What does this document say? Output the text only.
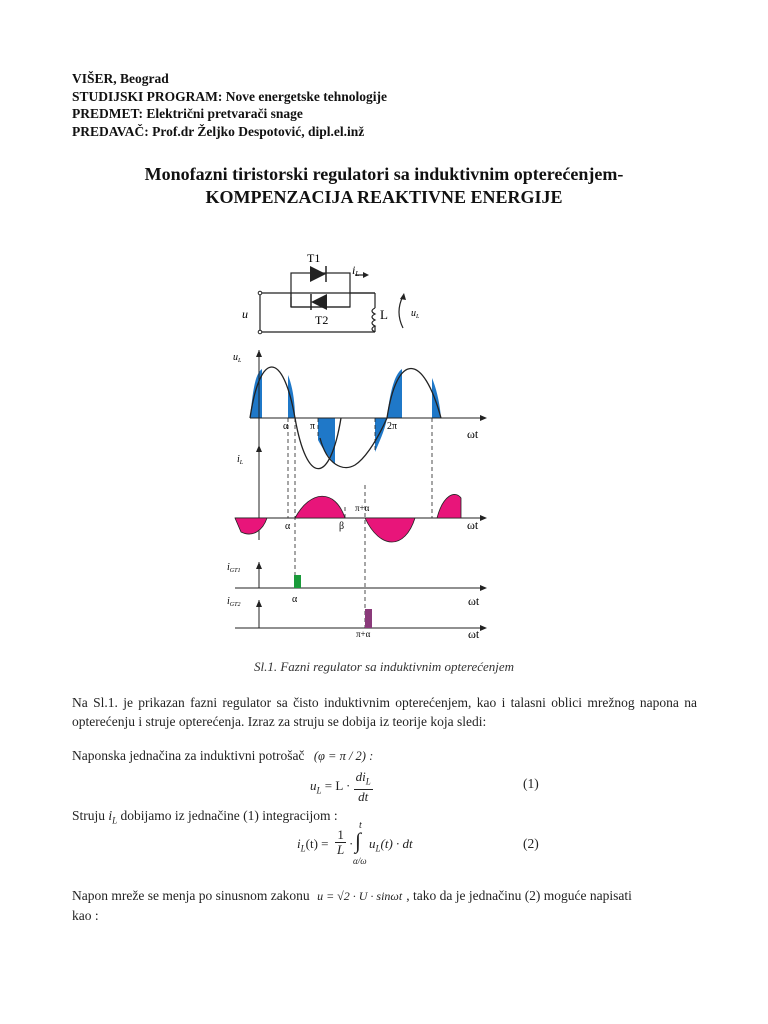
VIŠER, Beograd
STUDIJSKI PROGRAM: Nove energetske tehnologije
PREDMET: Električni pretvarači snage
PREDAVAČ: Prof.dr Željko Despotović, dipl.el.inž
Monofazni tiristorski regulatori sa induktivnim opterećenjem-
KOMPENZACIJA REAKTIVNE ENERGIJE
T1
T2
iL
u	L $u_L$
$u_L$
α π	2π
ωt
$i_L$
α	β
π+α
ωt
$i_{GT1}$
$i_{GT2}$	α	ωt
π+α	ωt
Sl.1. Fazni regulator sa induktivnim opterećenjem
Na Sl.1. je prikazan fazni regulator sa čisto induktivnim opterećenjem, kao i talasni oblici mrežnog napona na opterećenju i struje opterećenja. Izraz za struju se dobija iz teorije koja sledi:
Naponska jednačina za induktivni potrošač (φ = π / 2) :
$u_L = L \cdot \frac{di_L}{dt}$	(1)
Struju $i_L$ dobijamo iz jednačine (1) integracijom :
$i_L(t) = \frac{1}{L}$ ·
t
∫
α/ω
$u_L(t)$ · dt	(2)
Napon mreže se menja po sinusnom zakonu u = √2 · U · sinωt , tako da je jednačinu (2) moguće napisati
kao :
